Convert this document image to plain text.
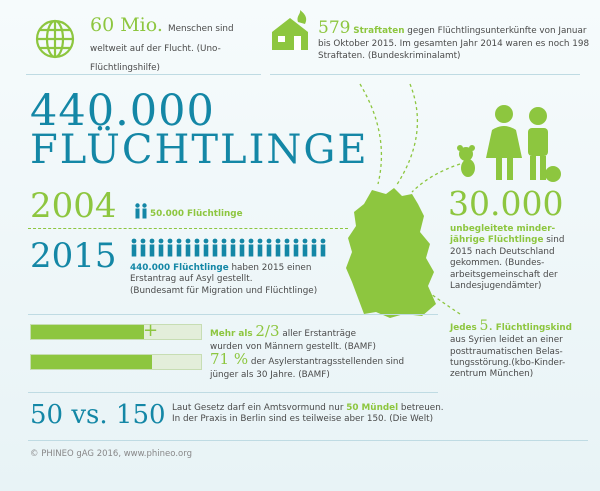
60 Mio. Menschen sind weltweit auf der Flucht. (Uno-Flüchtlingshilfe)
579 Straftaten gegen Flüchtlingsunterkünfte von Januar bis Oktober 2015. Im gesamten Jahr 2014 waren es noch 198 Straftaten. (Bundeskriminalamt)
440.000
FLÜCHTLINGE
2004	50.000 Flüchtlinge
2015 440.000 Flüchtlinge haben 2015 einen Erstantrag auf Asyl gestellt.
(Bundesamt für Migration und Flüchtlinge)
30.000
unbegleitete minder-jährige Flüchtlinge sind 2015 nach Deutschland gekommen. (Bundes-arbeitsgemeinschaft der Landesjugendämter)
Jedes 5. Flüchtlingskind aus Syrien leidet an einer posttraumatischen Belas-tungsstörung.(kbo-Kinder-zentrum München)
+	Mehr als 2/3 aller Erstanträge
wurden von Männern gestellt. (BAMF)
71 % der Asylerstantragsstellenden sind
jünger als 30 Jahre. (BAMF)
50 vs. 150 Laut Gesetz darf ein Amtsvormund nur 50 Mündel betreuen.
In der Praxis in Berlin sind es teilweise aber 150. (Die Welt)
© PHINEO gAG 2016, www.phineo.org
